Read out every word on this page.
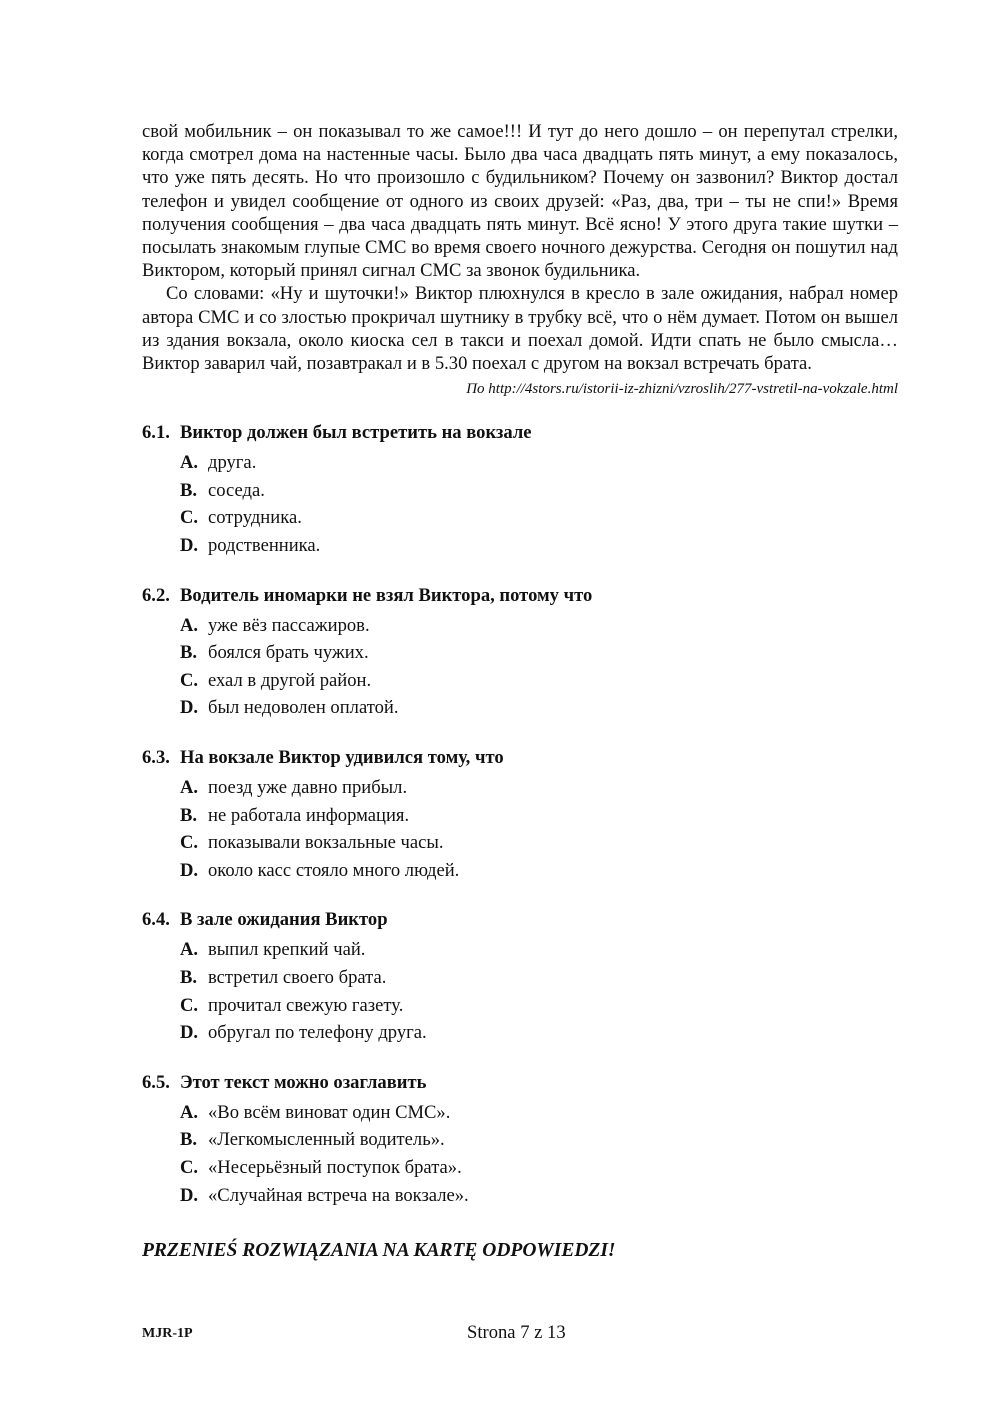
свой мобильник – он показывал то же самое!!! И тут до него дошло – он перепутал стрелки, когда смотрел дома на настенные часы. Было два часа двадцать пять минут, а ему показалось, что уже пять десять. Но что произошло с будильником? Почему он зазвонил? Виктор достал телефон и увидел сообщение от одного из своих друзей: «Раз, два, три – ты не спи!» Время получения сообщения – два часа двадцать пять минут. Всё ясно! У этого друга такие шутки – посылать знакомым глупые СМС во время своего ночного дежурства. Сегодня он пошутил над Виктором, который принял сигнал СМС за звонок будильника.

Со словами: «Ну и шуточки!» Виктор плюхнулся в кресло в зале ожидания, набрал номер автора СМС и со злостью прокричал шутнику в трубку всё, что о нём думает. Потом он вышел из здания вокзала, около киоска сел в такси и поехал домой. Идти спать не было смысла… Виктор заварил чай, позавтракал и в 5.30 поехал с другом на вокзал встречать брата.

По http://4stors.ru/istorii-iz-zhizni/vzroslih/277-vstretil-na-vokzale.html

6.1. Виктор должен был встретить на вокзале
A. друга.
B. соседа.
C. сотрудника.
D. родственника.
6.2. Водитель иномарки не взял Виктора, потому что
A. уже вёз пассажиров.
B. боялся брать чужих.
C. ехал в другой район.
D. был недоволен оплатой.
6.3. На вокзале Виктор удивился тому, что
A. поезд уже давно прибыл.
B. не работала информация.
C. показывали вокзальные часы.
D. около касс стояло много людей.
6.4. В зале ожидания Виктор
A. выпил крепкий чай.
B. встретил своего брата.
C. прочитал свежую газету.
D. обругал по телефону друга.
6.5. Этот текст можно озаглавить
A. «Во всём виноват один СМС».
B. «Легкомысленный водитель».
C. «Несерьёзный поступок брата».
D. «Случайная встреча на вокзале».
PRZENIEŚ ROZWIĄZANIA NA KARTĘ ODPOWIEDZI!
MJR-1P	Strona 7 z 13
